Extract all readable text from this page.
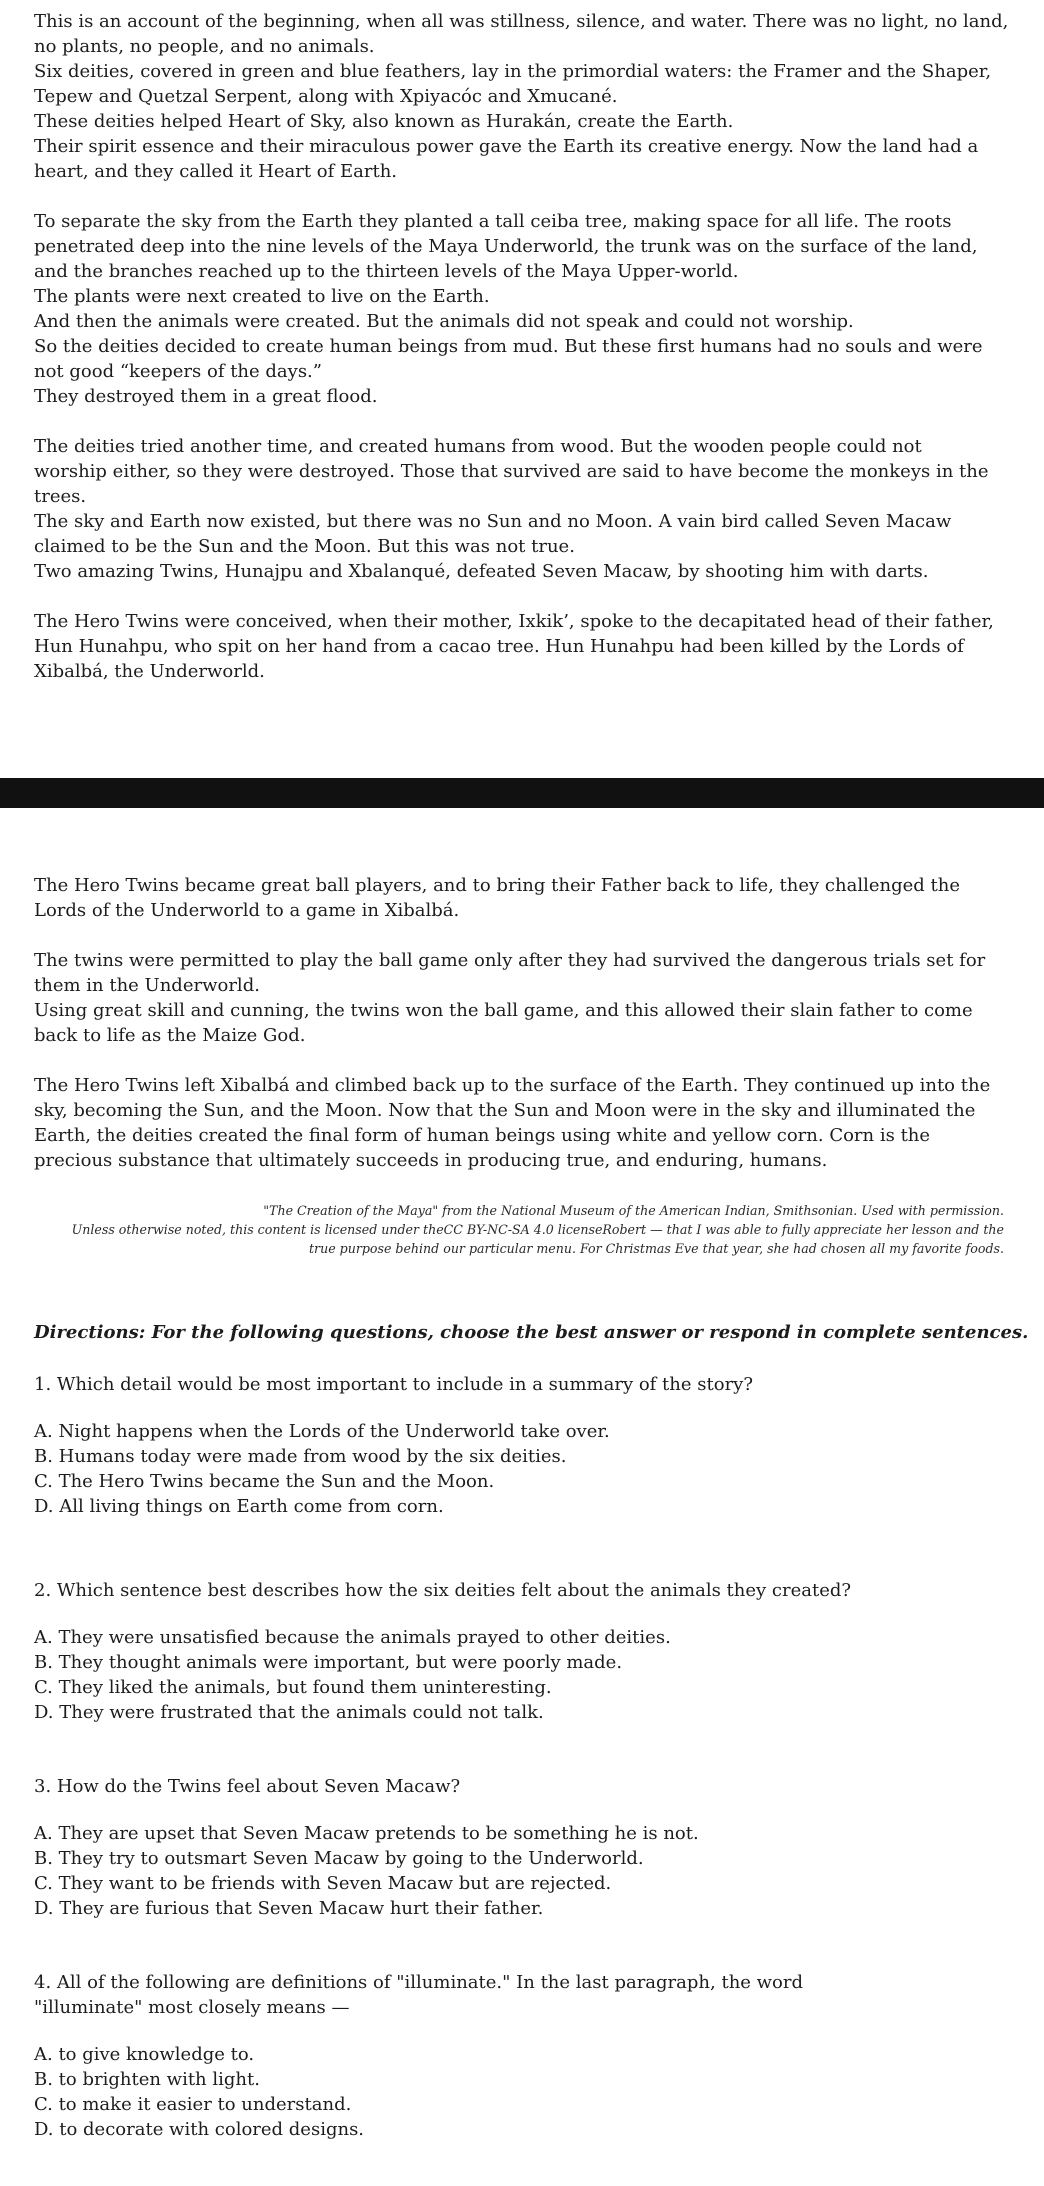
This is an account of the beginning, when all was stillness, silence, and water. There was no light, no land,
no plants, no people, and no animals.
Six deities, covered in green and blue feathers, lay in the primordial waters: the Framer and the Shaper,
Tepew and Quetzal Serpent, along with Xpiyacóc and Xmucané.
These deities helped Heart of Sky, also known as Hurakán, create the Earth.
Their spirit essence and their miraculous power gave the Earth its creative energy. Now the land had a
heart, and they called it Heart of Earth.
To separate the sky from the Earth they planted a tall ceiba tree, making space for all life. The roots
penetrated deep into the nine levels of the Maya Underworld, the trunk was on the surface of the land,
and the branches reached up to the thirteen levels of the Maya Upper-world.
The plants were next created to live on the Earth.
And then the animals were created. But the animals did not speak and could not worship.
So the deities decided to create human beings from mud. But these first humans had no souls and were
not good “keepers of the days.”
They destroyed them in a great flood.
The deities tried another time, and created humans from wood. But the wooden people could not
worship either, so they were destroyed. Those that survived are said to have become the monkeys in the
trees.
The sky and Earth now existed, but there was no Sun and no Moon. A vain bird called Seven Macaw
claimed to be the Sun and the Moon. But this was not true.
Two amazing Twins, Hunajpu and Xbalanqué, defeated Seven Macaw, by shooting him with darts.
The Hero Twins were conceived, when their mother, Ixkik’, spoke to the decapitated head of their father,
Hun Hunahpu, who spit on her hand from a cacao tree. Hun Hunahpu had been killed by the Lords of
Xibalbá, the Underworld.
The Hero Twins became great ball players, and to bring their Father back to life, they challenged the
Lords of the Underworld to a game in Xibalbá.
The twins were permitted to play the ball game only after they had survived the dangerous trials set for
them in the Underworld.
Using great skill and cunning, the twins won the ball game, and this allowed their slain father to come
back to life as the Maize God.
The Hero Twins left Xibalbá and climbed back up to the surface of the Earth. They continued up into the
sky, becoming the Sun, and the Moon. Now that the Sun and Moon were in the sky and illuminated the
Earth, the deities created the final form of human beings using white and yellow corn. Corn is the
precious substance that ultimately succeeds in producing true, and enduring, humans.
"The Creation of the Maya" from the National Museum of the American Indian, Smithsonian. Used with permission.
Unless otherwise noted, this content is licensed under theCC BY-NC-SA 4.0 licenseRobert — that I was able to fully appreciate her lesson and the
true purpose behind our particular menu. For Christmas Eve that year, she had chosen all my favorite foods.
Directions: For the following questions, choose the best answer or respond in complete sentences.
1. Which detail would be most important to include in a summary of the story?
A. Night happens when the Lords of the Underworld take over.
B. Humans today were made from wood by the six deities.
C. The Hero Twins became the Sun and the Moon.
D. All living things on Earth come from corn.
2. Which sentence best describes how the six deities felt about the animals they created?
A. They were unsatisfied because the animals prayed to other deities.
B. They thought animals were important, but were poorly made.
C. They liked the animals, but found them uninteresting.
D. They were frustrated that the animals could not talk.
3. How do the Twins feel about Seven Macaw?
A. They are upset that Seven Macaw pretends to be something he is not.
B. They try to outsmart Seven Macaw by going to the Underworld.
C. They want to be friends with Seven Macaw but are rejected.
D. They are furious that Seven Macaw hurt their father.
4. All of the following are definitions of "illuminate." In the last paragraph, the word
"illuminate" most closely means —
A. to give knowledge to.
B. to brighten with light.
C. to make it easier to understand.
D. to decorate with colored designs.
